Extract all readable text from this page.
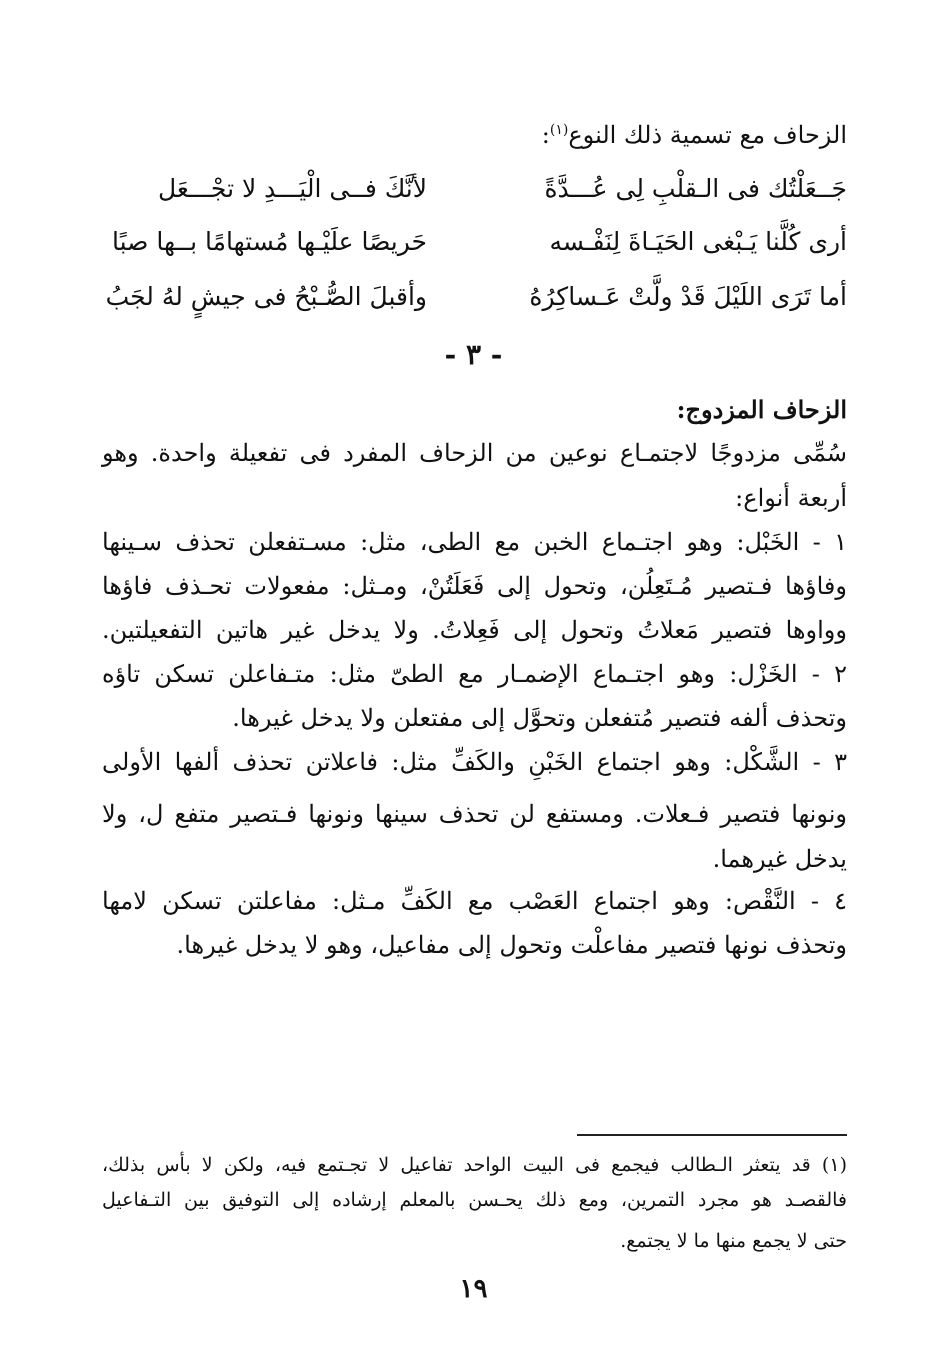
الزحاف مع تسمية ذلك النوع$^{(١)}$:
جَــعَلْتُك فى الـقلْبِ لِى عُـــدَّةً
لأنَّكَ فــى الْيَـــدِ لا تجْـــعَل
أرى كُلَّنا يَـبْغى الحَيَـاةَ لِنَفْـسه
حَريصًا علَيْـها مُستهامًا بــها صبًا
أما تَرَى اللَيْلَ قَدْ ولَّتْ عَـساكِرُهُ
وأقبلَ الصُّـبْحُ فى جيشٍ لهُ لجَبُ
- ٣ -
الزحاف المزدوج:
سُمِّى مزدوجًا لاجتمـاع نوعين من الزحاف المفرد فى تفعيلة واحدة. وهو
أربعة أنواع:
١ - الخَبْل: وهو اجتـماع الخبن مع الطى، مثل: مسـتفعلن تحذف سـينها
وفاؤها فـتصير مُـتَعِلُن، وتحول إلى فَعَلَتُنْ، ومـثل: مفعولات تحـذف فاؤها
وواوها فتصير مَعلاتُ وتحول إلى فَعِلاتُ. ولا يدخل غير هاتين التفعيلتين.
٢ - الخَزْل: وهو اجتـماع الإضمـار مع الطىّ مثل: متـفاعلن تسكن تاؤه
وتحذف ألفه فتصير مُتفعلن وتحوَّل إلى مفتعلن ولا يدخل غيرها.
٣ - الشَّكْل: وهو اجتماع الخَبْنِ والكَفِّ مثل: فاعلاتن تحذف ألفها الأولى
ونونها فتصير فـعلات. ومستفع لن تحذف سينها ونونها فـتصير متفع ل، ولا
يدخل غيرهما.
٤ - النَّقْص: وهو اجتماع العَصْب مع الكَفِّ مـثل: مفاعلتن تسكن لامها
وتحذف نونها فتصير مفاعلْت وتحول إلى مفاعيل، وهو لا يدخل غيرها.
(١) قد يتعثر الـطالب فيجمع فى البيت الواحد تفاعيل لا تجـتمع فيه، ولكن لا بأس بذلك،
فالقصـد هو مجرد التمرين، ومع ذلك يحـسن بالمعلم إرشاده إلى التوفيق بين التـفاعيل
حتى لا يجمع منها ما لا يجتمع.
١٩
